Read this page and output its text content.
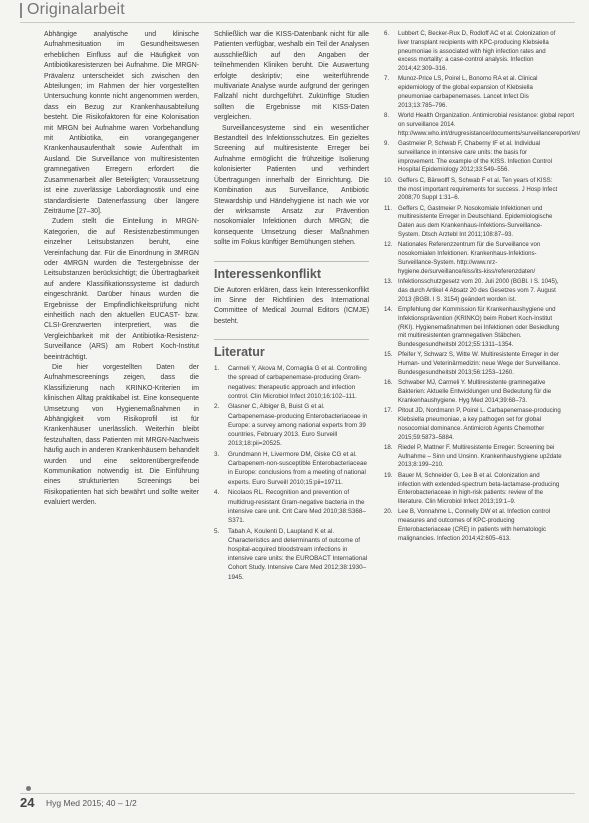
Originalarbeit

Abhängige analytische und klinische Aufnahmesituation im Gesundheitswesen erheblichen Einfluss auf die Häufigkeit von Antibiotikaresistenzen bei Aufnahme. Die MRGN-Prävalenz unterscheidet sich zwischen den Abteilungen; im Rahmen der hier vorgestellten Untersuchung konnte nicht angenommen werden, dass ein Bezug zur Krankenhausabteilung besteht. Die Risikofaktoren für eine Kolonisation mit MRGN bei Aufnahme waren Vorbehandlung mit Antibiotika, ein vorangegangener Krankenhausaufenthalt sowie Aufenthalt im Ausland. Die Surveillance von multiresistenten gramnegativen Erregern erfordert die Zusammenarbeit aller Beteiligten; Voraussetzung ist eine zuverlässige Labordiagnostik und eine standardisierte Datenerfassung über längere Zeiträume [27–30].

Zudem stellt die Einteilung in MRGN-Kategorien, die auf Resistenzbestimmungen einzelner Leitsubstanzen beruht, eine Vereinfachung dar. Für die Einordnung in 3MRGN oder 4MRGN wurden die Testergebnisse der Leitsubstanzen berücksichtigt; die Übertragbarkeit auf andere Klassifikationssysteme ist dadurch eingeschränkt. Darüber hinaus wurden die Ergebnisse der Empfindlichkeitsprüfung nicht einheitlich nach den aktuellen EUCAST- bzw. CLSI-Grenzwerten interpretiert, was die Vergleichbarkeit mit der Antibiotika-Resistenz-Surveillance (ARS) am Robert Koch-Institut beeinträchtigt.

Die hier vorgestellten Daten der Aufnahmescreenings zeigen, dass die Klassifizierung nach KRINKO-Kriterien im klinischen Alltag praktikabel ist. Eine konsequente Umsetzung von Hygienemaßnahmen in Abhängigkeit vom Risikoprofil ist für Krankenhäuser unerlässlich. Weiterhin bleibt festzuhalten, dass Patienten mit MRGN-Nachweis häufig auch in anderen Krankenhäusern behandelt wurden und eine sektorenübergreifende Kommunikation notwendig ist. Die Einführung eines strukturierten Screenings bei Risikopatienten hat sich bewährt und sollte weiter evaluiert werden.

Schließlich war die KISS-Datenbank nicht für alle Patienten verfügbar, weshalb ein Teil der Analysen ausschließlich auf den Angaben der teilnehmenden Kliniken beruht. Die Auswertung erfolgte deskriptiv; eine weiterführende multivariate Analyse wurde aufgrund der geringen Fallzahl nicht durchgeführt. Zukünftige Studien sollten die Ergebnisse mit KISS-Daten vergleichen.

Surveillancesysteme sind ein wesentlicher Bestandteil des Infektionsschutzes. Ein gezieltes Screening auf multiresistente Erreger bei Aufnahme ermöglicht die frühzeitige Isolierung kolonisierter Patienten und verhindert Übertragungen innerhalb der Einrichtung. Die Kombination aus Surveillance, Antibiotic Stewardship und Händehygiene ist nach wie vor der wirksamste Ansatz zur Prävention nosokomialer Infektionen durch MRGN; die konsequente Umsetzung dieser Maßnahmen sollte im Fokus künftiger Bemühungen stehen.

Interessenkonflikt

Die Autoren erklären, dass kein Interessenkonflikt im Sinne der Richtlinien des International Committee of Medical Journal Editors (ICMJE) besteht.

Literatur
1.	Carmeli Y, Akova M, Cornaglia G et al. Controlling the spread of carbapenemase-producing Gram-negatives: therapeutic approach and infection control. Clin Microbiol Infect 2010;16:102–111.
2.	Glasner C, Albiger B, Buist G et al. Carbapenemase-producing Enterobacteriaceae in Europe: a survey among national experts from 39 countries, February 2013. Euro Surveill 2013;18:pii=20525.
3.	Grundmann H, Livermore DM, Giske CG et al. Carbapenem-non-susceptible Enterobacteriaceae in Europe: conclusions from a meeting of national experts. Euro Surveill 2010;15:pii=19711.
4.	Nicolaos RL. Recognition and prevention of multidrug-resistant Gram-negative bacteria in the intensive care unit. Crit Care Med 2010;38:S368–S371.
5.	Tabah A, Koulenti D, Laupland K et al. Characteristics and determinants of outcome of hospital-acquired bloodstream infections in intensive care units: the EUROBACT International Cohort Study. Intensive Care Med 2012;38:1930–1945.
6.	Lubbert C, Becker-Rux D, Rodloff AC et al. Colonization of liver transplant recipients with KPC-producing Klebsiella pneumoniae is associated with high infection rates and excess mortality: a case-control analysis. Infection 2014;42:309–316.
7.	Munoz-Price LS, Poirel L, Bonomo RA et al. Clinical epidemiology of the global expansion of Klebsiella pneumoniae carbapenemases. Lancet Infect Dis 2013;13:785–796.
8.	World Health Organization. Antimicrobial resistance: global report on surveillance 2014. http://www.who.int/drugresistance/documents/surveillancereport/en/
9.	Gastmeier P, Schwab F, Chaberny IF et al. Individual surveillance in intensive care units: the basis for improvement. The example of the KISS. Infection Control Hospital Epidemiology 2012;33:549–556.
10. Geffers C, Bärwolff S, Schwab F et al. Ten years of KISS: the most important requirements for success. J Hosp Infect 2008;70 Suppl 1:31–6.
11. Geffers C, Gastmeier P. Nosokomiale Infektionen und multiresistente Erreger in Deutschland. Epidemiologische Daten aus dem Krankenhaus-Infektions-Surveillance-System. Dtsch Arztebl Int 2011;108:87–93.
12. Nationales Referenzzentrum für die Surveillance von nosokomialen Infektionen. Krankenhaus-Infektions-Surveillance-System. http://www.nrz-hygiene.de/surveillance/kiss/its-kiss/referenzdaten/
13. Infektionsschutzgesetz vom 20. Juli 2000 (BGBl. I S. 1045), das durch Artikel 4 Absatz 20 des Gesetzes vom 7. August 2013 (BGBl. I S. 3154) geändert worden ist.
14. Empfehlung der Kommission für Krankenhaushygiene und Infektionsprävention (KRINKO) beim Robert Koch-Institut (RKI). Hygienemaßnahmen bei Infektionen oder Besiedlung mit multiresistenten gramnegativen Stäbchen. Bundesgesundheitsbl 2012;55:1311–1354.
15. Pfeifer Y, Schwarz S, Witte W. Multiresistente Erreger in der Human- und Veterinärmedizin: neue Wege der Surveillance. Bundesgesundheitsbl 2013;56:1253–1260.
16. Schwaber MJ, Carmeli Y. Multiresistente gramnegative Bakterien: Aktuelle Entwicklungen und Bedeutung für die Krankenhaushygiene. Hyg Med 2014;39:68–73.
17. Pitout JD, Nordmann P, Poirel L. Carbapenemase-producing Klebsiella pneumoniae, a key pathogen set for global nosocomial dominance. Antimicrob Agents Chemother 2015;59:5873–5884.
18. Riedel P, Mattner F. Multiresistente Erreger: Screening bei Aufnahme – Sinn und Unsinn. Krankenhaushygiene up2date 2013;8:199–210.
19. Bauer M, Schneider G, Lee B et al. Colonization and infection with extended-spectrum beta-lactamase-producing Enterobacteriaceae in high-risk patients: review of the literature. Clin Microbiol Infect 2013;19:1–9.
20. Lee B, Vonnahme L, Connelly DW et al. Infection control measures and outcomes of KPC-producing Enterobacteriaceae (CRE) in patients with hematologic malignancies. Infection 2014;42:605–613.
24 Hyg Med 2015; 40 – 1/2
